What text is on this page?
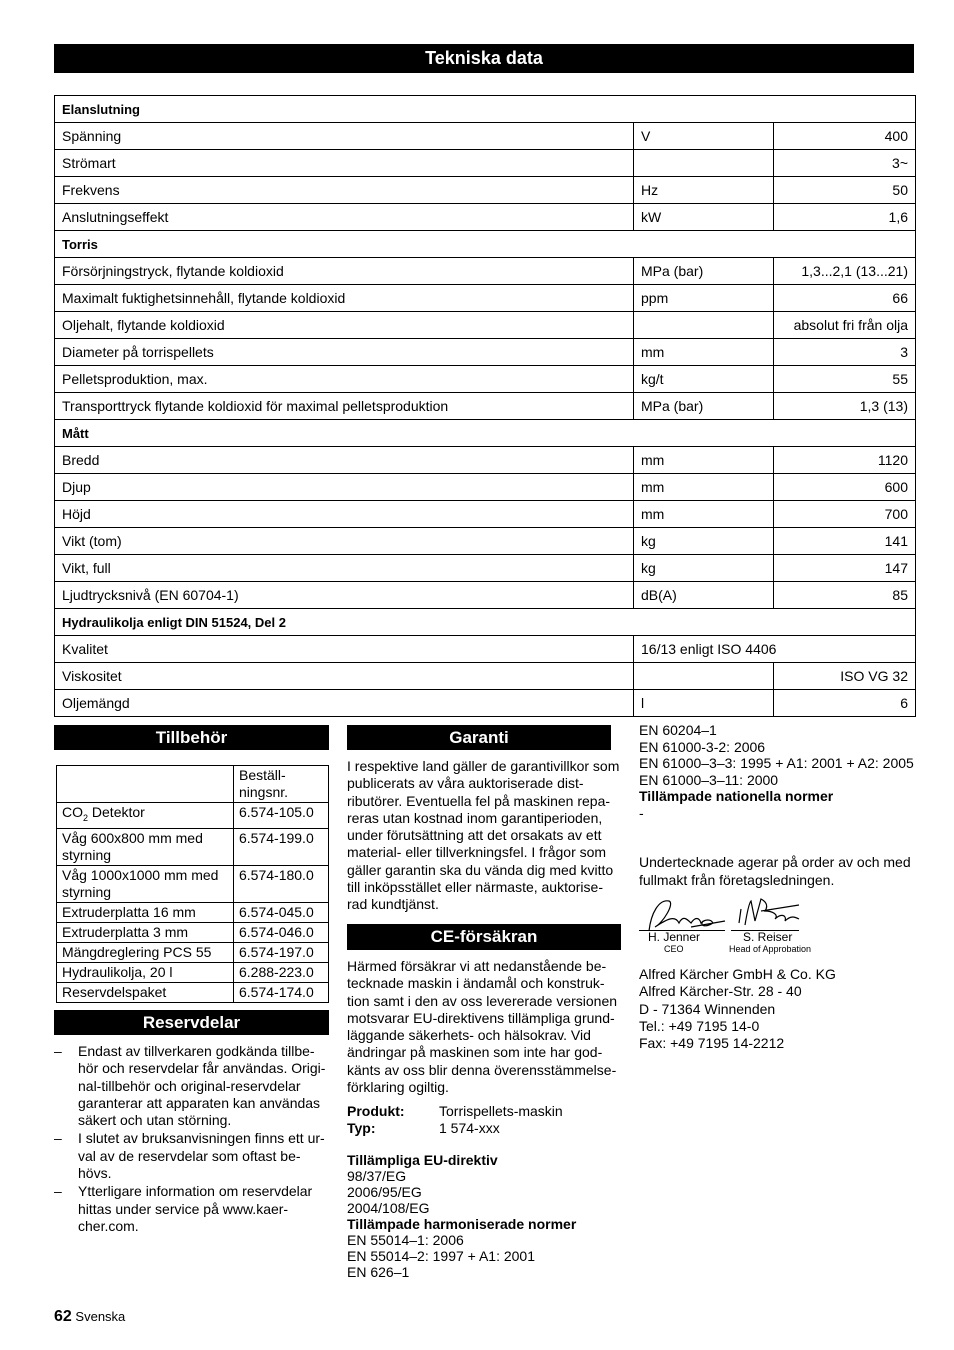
Tekniska data
Elanslutning		
Spänning	V	400
Strömart		3~
Frekvens	Hz	50
Anslutningseffekt	kW	1,6
Torris		
Försörjningstryck, flytande koldioxid	MPa (bar)	1,3...2,1 (13...21)
Maximalt fuktighetsinnehåll, flytande koldioxid	ppm	66
Oljehalt, flytande koldioxid		absolut fri från olja
Diameter på torrispellets	mm	3
Pelletsproduktion, max.	kg/t	55
Transporttryck flytande koldioxid för maximal pelletsproduktion	MPa (bar)	1,3 (13)
Mått		
Bredd	mm	1120
Djup	mm	600
Höjd	mm	700
Vikt (tom)	kg	141
Vikt, full	kg	147
Ljudtrycksnivå (EN 60704-1)	dB(A)	85
Hydraulikolja enligt DIN 51524, Del 2		
Kvalitet	16/13 enligt ISO 4406	
Viskositet		ISO VG 32
Oljemängd	l	6
Tillbehör
	Beställ-
ningsnr.
$CO_2$ Detektor	6.574-105.0
Våg 600x800 mm med styrning	6.574-199.0
Våg 1000x1000 mm med styrning	6.574-180.0
Extruderplatta 16 mm	6.574-045.0
Extruderplatta 3 mm	6.574-046.0
Mängdreglering PCS 55	6.574-197.0
Hydraulikolja, 20 l	6.288-223.0
Reservdelspaket	6.574-174.0
Reservdelar
– Endast av tillverkaren godkända tillbe-hör och reservdelar får användas. Origi-nal-tillbehör och original-reservdelar garanterar att apparaten kan användas säkert och utan störning.
– I slutet av bruksanvisningen finns ett ur-val av de reservdelar som oftast be-hövs.
– Ytterligare information om reservdelar hittas under service på www.kaer-cher.com.
Garanti
I respektive land gäller de garantivillkor som publicerats av våra auktoriserade dist-ributörer. Eventuella fel på maskinen repa-reras utan kostnad inom garantiperioden, under förutsättning att det orsakats av ett material- eller tillverkningsfel. I frågor som gäller garantin ska du vända dig med kvitto till inköpsstället eller närmaste, auktorise-rad kundtjänst.
CE-försäkran
Härmed försäkrar vi att nedanstående be-tecknade maskin i ändamål och konstruk-tion samt i den av oss levererade versionen motsvarar EU-direktivens tillämpliga grund-läggande säkerhets- och hälsokrav. Vid ändringar på maskinen som inte har god-känts av oss blir denna överensstämmelse-förklaring ogiltig.
Produkt: Torrispellets-maskin
Typ:	1 574-xxx
Tillämpliga EU-direktiv
98/37/EG
2006/95/EG
2004/108/EG
Tillämpade harmoniserade normer
EN 55014–1: 2006
EN 55014–2: 1997 + A1: 2001
EN 626–1
EN 60204–1
EN 61000-3-2: 2006
EN 61000–3–3: 1995 + A1: 2001 + A2: 2005
EN 61000–3–11: 2000
Tillämpade nationella normer
-
Undertecknade agerar på order av och med fullmakt från företagsledningen.
H. Jenner
CEO
S. Reiser
Head of Approbation
Alfred Kärcher GmbH & Co. KG
Alfred Kärcher-Str. 28 - 40
D - 71364 Winnenden
Tel.: +49 7195 14-0
Fax: +49 7195 14-2212
62 Svenska
